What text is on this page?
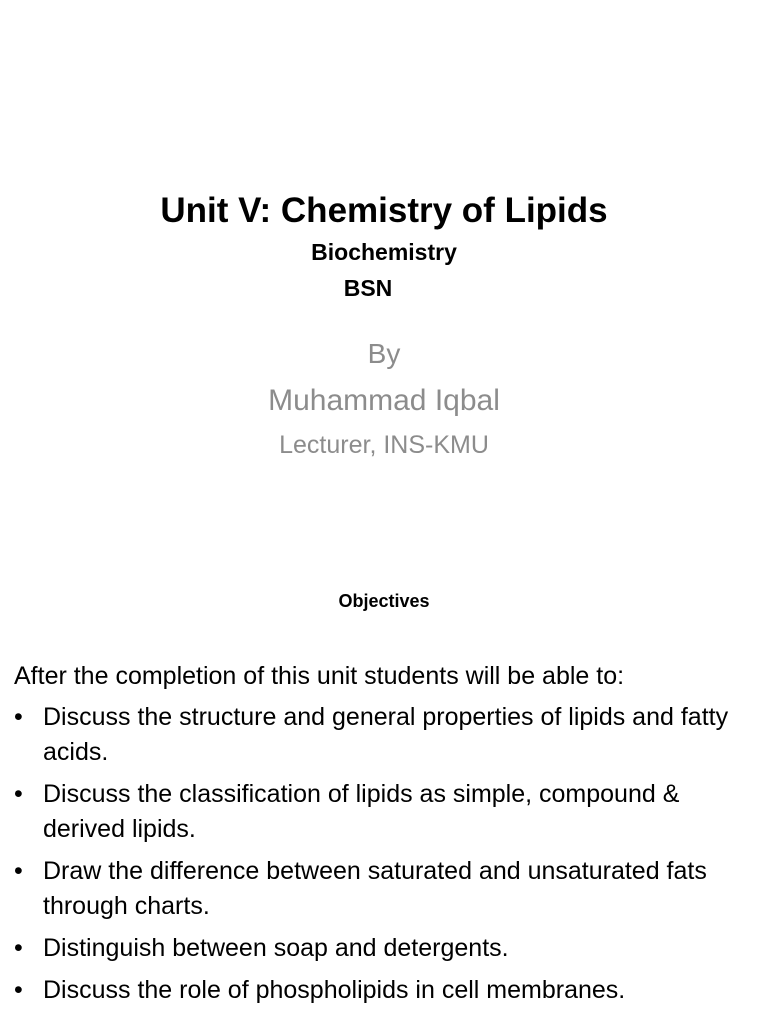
Unit V: Chemistry of Lipids
Biochemistry
BSN
By
Muhammad Iqbal
Lecturer, INS-KMU
Objectives
After the completion of this unit students will be able to:
• Discuss the structure and general properties of lipids and fatty acids.
• Discuss the classification of lipids as simple, compound & derived lipids.
• Draw the difference between saturated and unsaturated fats through charts.
• Distinguish between soap and detergents.
• Discuss the role of phospholipids in cell membranes.
